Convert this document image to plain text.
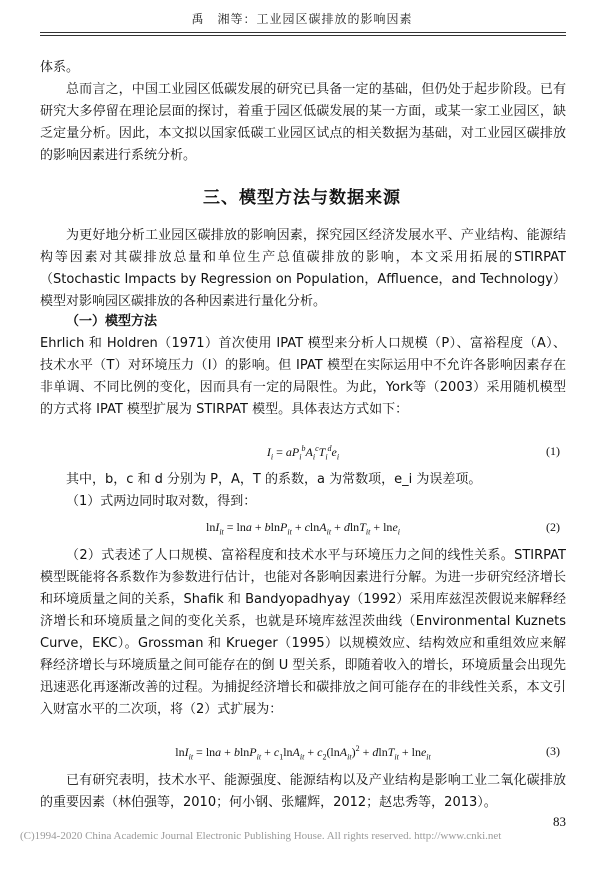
禹　湘等：工业园区碳排放的影响因素

体系。

总而言之，中国工业园区低碳发展的研究已具备一定的基础，但仍处于起步阶段。已有研究大多停留在理论层面的探讨，着重于园区低碳发展的某一方面，或某一家工业园区，缺乏定量分析。因此，本文拟以国家低碳工业园区试点的相关数据为基础，对工业园区碳排放的影响因素进行系统分析。

三、模型方法与数据来源

为更好地分析工业园区碳排放的影响因素，探究园区经济发展水平、产业结构、能源结构等因素对其碳排放总量和单位生产总值碳排放的影响，本文采用拓展的STIRPAT（Stochastic Impacts by Regression on Population，Affluence，and Technology）模型对影响园区碳排放的各种因素进行量化分析。

（一）模型方法

Ehrlich 和 Holdren（1971）首次使用 IPAT 模型来分析人口规模（P）、富裕程度（A）、技术水平（T）对环境压力（I）的影响。但 IPAT 模型在实际运用中不允许各影响因素存在非单调、不同比例的变化，因而具有一定的局限性。为此，York等（2003）采用随机模型的方式将 IPAT 模型扩展为 STIRPAT 模型。具体表达方式如下：

$I_i = aP_i^bA_i^cT_i^de_i$	(1)

其中，b，c 和 d 分别为 P，A，T 的系数，a 为常数项，e_i 为误差项。

（1）式两边同时取对数，得到：

lnI$_{it}$ = lna + blnP$_{it}$ + clnA$_{it}$ + dlnT$_{it}$ + lne$_i$	(2)

（2）式表述了人口规模、富裕程度和技术水平与环境压力之间的线性关系。STIRPAT 模型既能将各系数作为参数进行估计，也能对各影响因素进行分解。为进一步研究经济增长和环境质量之间的关系，Shafik 和 Bandyopadhyay（1992）采用库兹涅茨假说来解释经济增长和环境质量之间的变化关系，也就是环境库兹涅茨曲线（Environmental Kuznets Curve，EKC）。Grossman 和 Krueger（1995）以规模效应、结构效应和重组效应来解释经济增长与环境质量之间可能存在的倒 U 型关系，即随着收入的增长，环境质量会出现先迅速恶化再逐渐改善的过程。为捕捉经济增长和碳排放之间可能存在的非线性关系，本文引入财富水平的二次项，将（2）式扩展为：

$\ln I_{it} = \ln a + blnP_{it} + c_1\ln A_{it} + c_2(\ln A_{it})^2 + dlnT_{it} + \ln e_{it}$	(3)

已有研究表明，技术水平、能源强度、能源结构以及产业结构是影响工业二氧化碳排放的重要因素（林伯强等，2010；何小钢、张耀辉，2012；赵忠秀等，2013）。

83
(C)1994-2020 China Academic Journal Electronic Publishing House. All rights reserved. http://www.cnki.net
